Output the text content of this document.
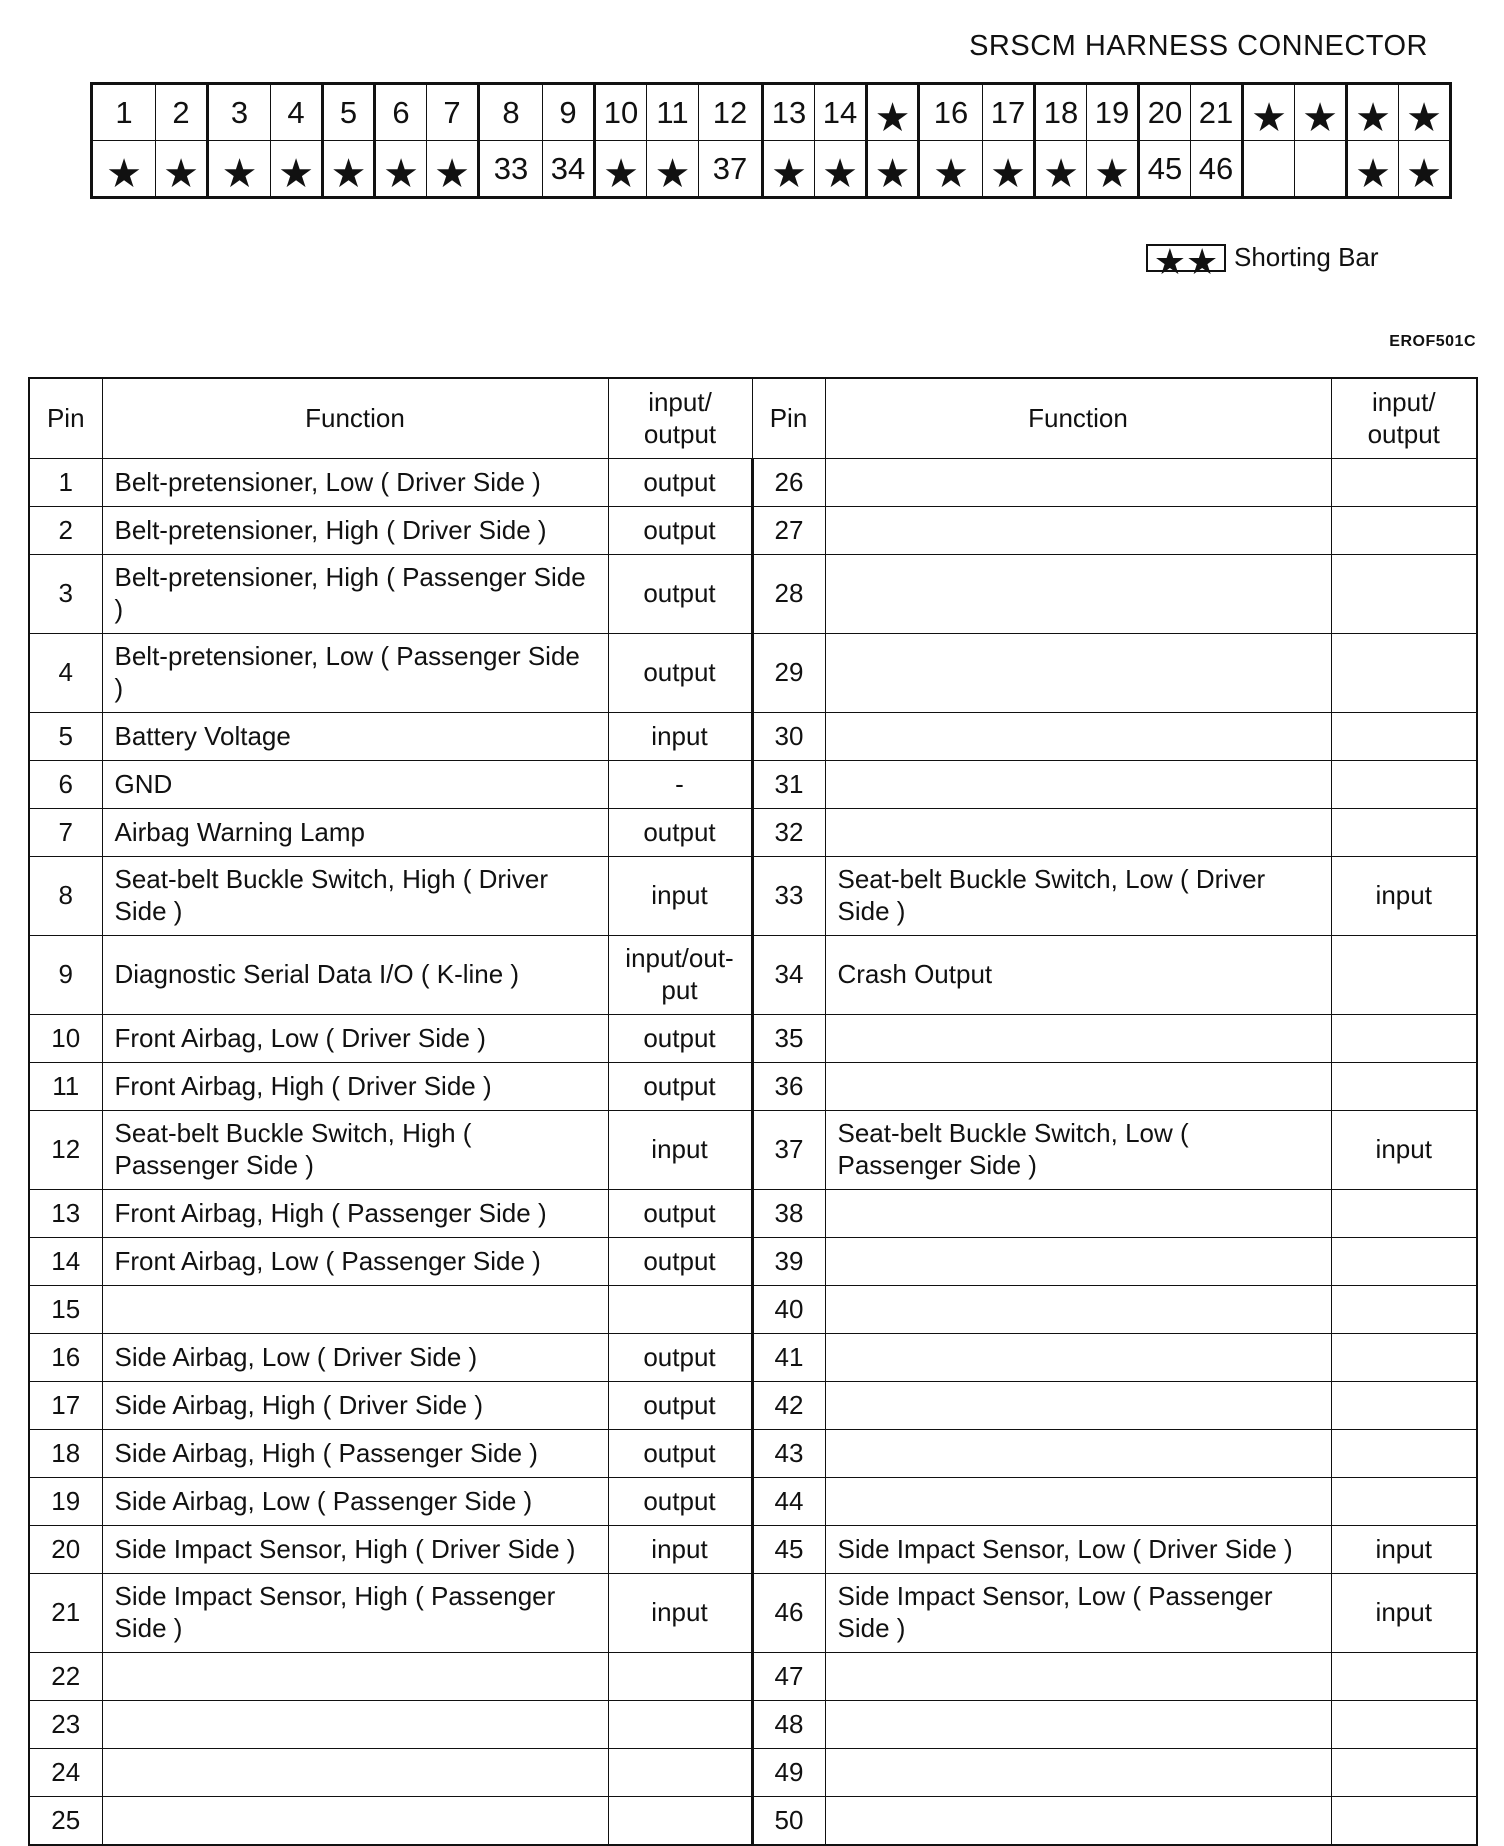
SRSCM HARNESS CONNECTOR
1	2	3	4	5	6	7	8	9	10	11	12	13	14	★	16	17	18	19	20	21	★	★	★	★
★	★	★	★	★	★	★	33	34	★	★	37	★	★	★	★	★	★	★	45	46			★	★
★★ Shorting Bar
EROF501C
Pin	Function	input/ output	Pin	Function	input/ output
1	Belt-pretensioner, Low ( Driver Side )	output	26		
2	Belt-pretensioner, High ( Driver Side )	output	27		
3	Belt-pretensioner, High ( Passenger Side )	output	28		
4	Belt-pretensioner, Low ( Passenger Side )	output	29		
5	Battery Voltage	input	30		
6	GND	-	31		
7	Airbag Warning Lamp	output	32		
8	Seat-belt Buckle Switch, High ( Driver Side )	input	33	Seat-belt Buckle Switch, Low ( Driver Side )	input
9	Diagnostic Serial Data I/O ( K-line )	input/out- put	34	Crash Output	
10	Front Airbag, Low ( Driver Side )	output	35		
11	Front Airbag, High ( Driver Side )	output	36		
12	Seat-belt Buckle Switch, High ( Passenger Side )	input	37	Seat-belt Buckle Switch, Low ( Passenger Side )	input
13	Front Airbag, High ( Passenger Side )	output	38		
14	Front Airbag, Low ( Passenger Side )	output	39		
15			40		
16	Side Airbag, Low ( Driver Side )	output	41		
17	Side Airbag, High ( Driver Side )	output	42		
18	Side Airbag, High ( Passenger Side )	output	43		
19	Side Airbag, Low ( Passenger Side )	output	44		
20	Side Impact Sensor, High ( Driver Side )	input	45	Side Impact Sensor, Low ( Driver Side )	input
21	Side Impact Sensor, High ( Passenger Side )	input	46	Side Impact Sensor, Low ( Passenger Side )	input
22			47		
23			48		
24			49		
25			50		
